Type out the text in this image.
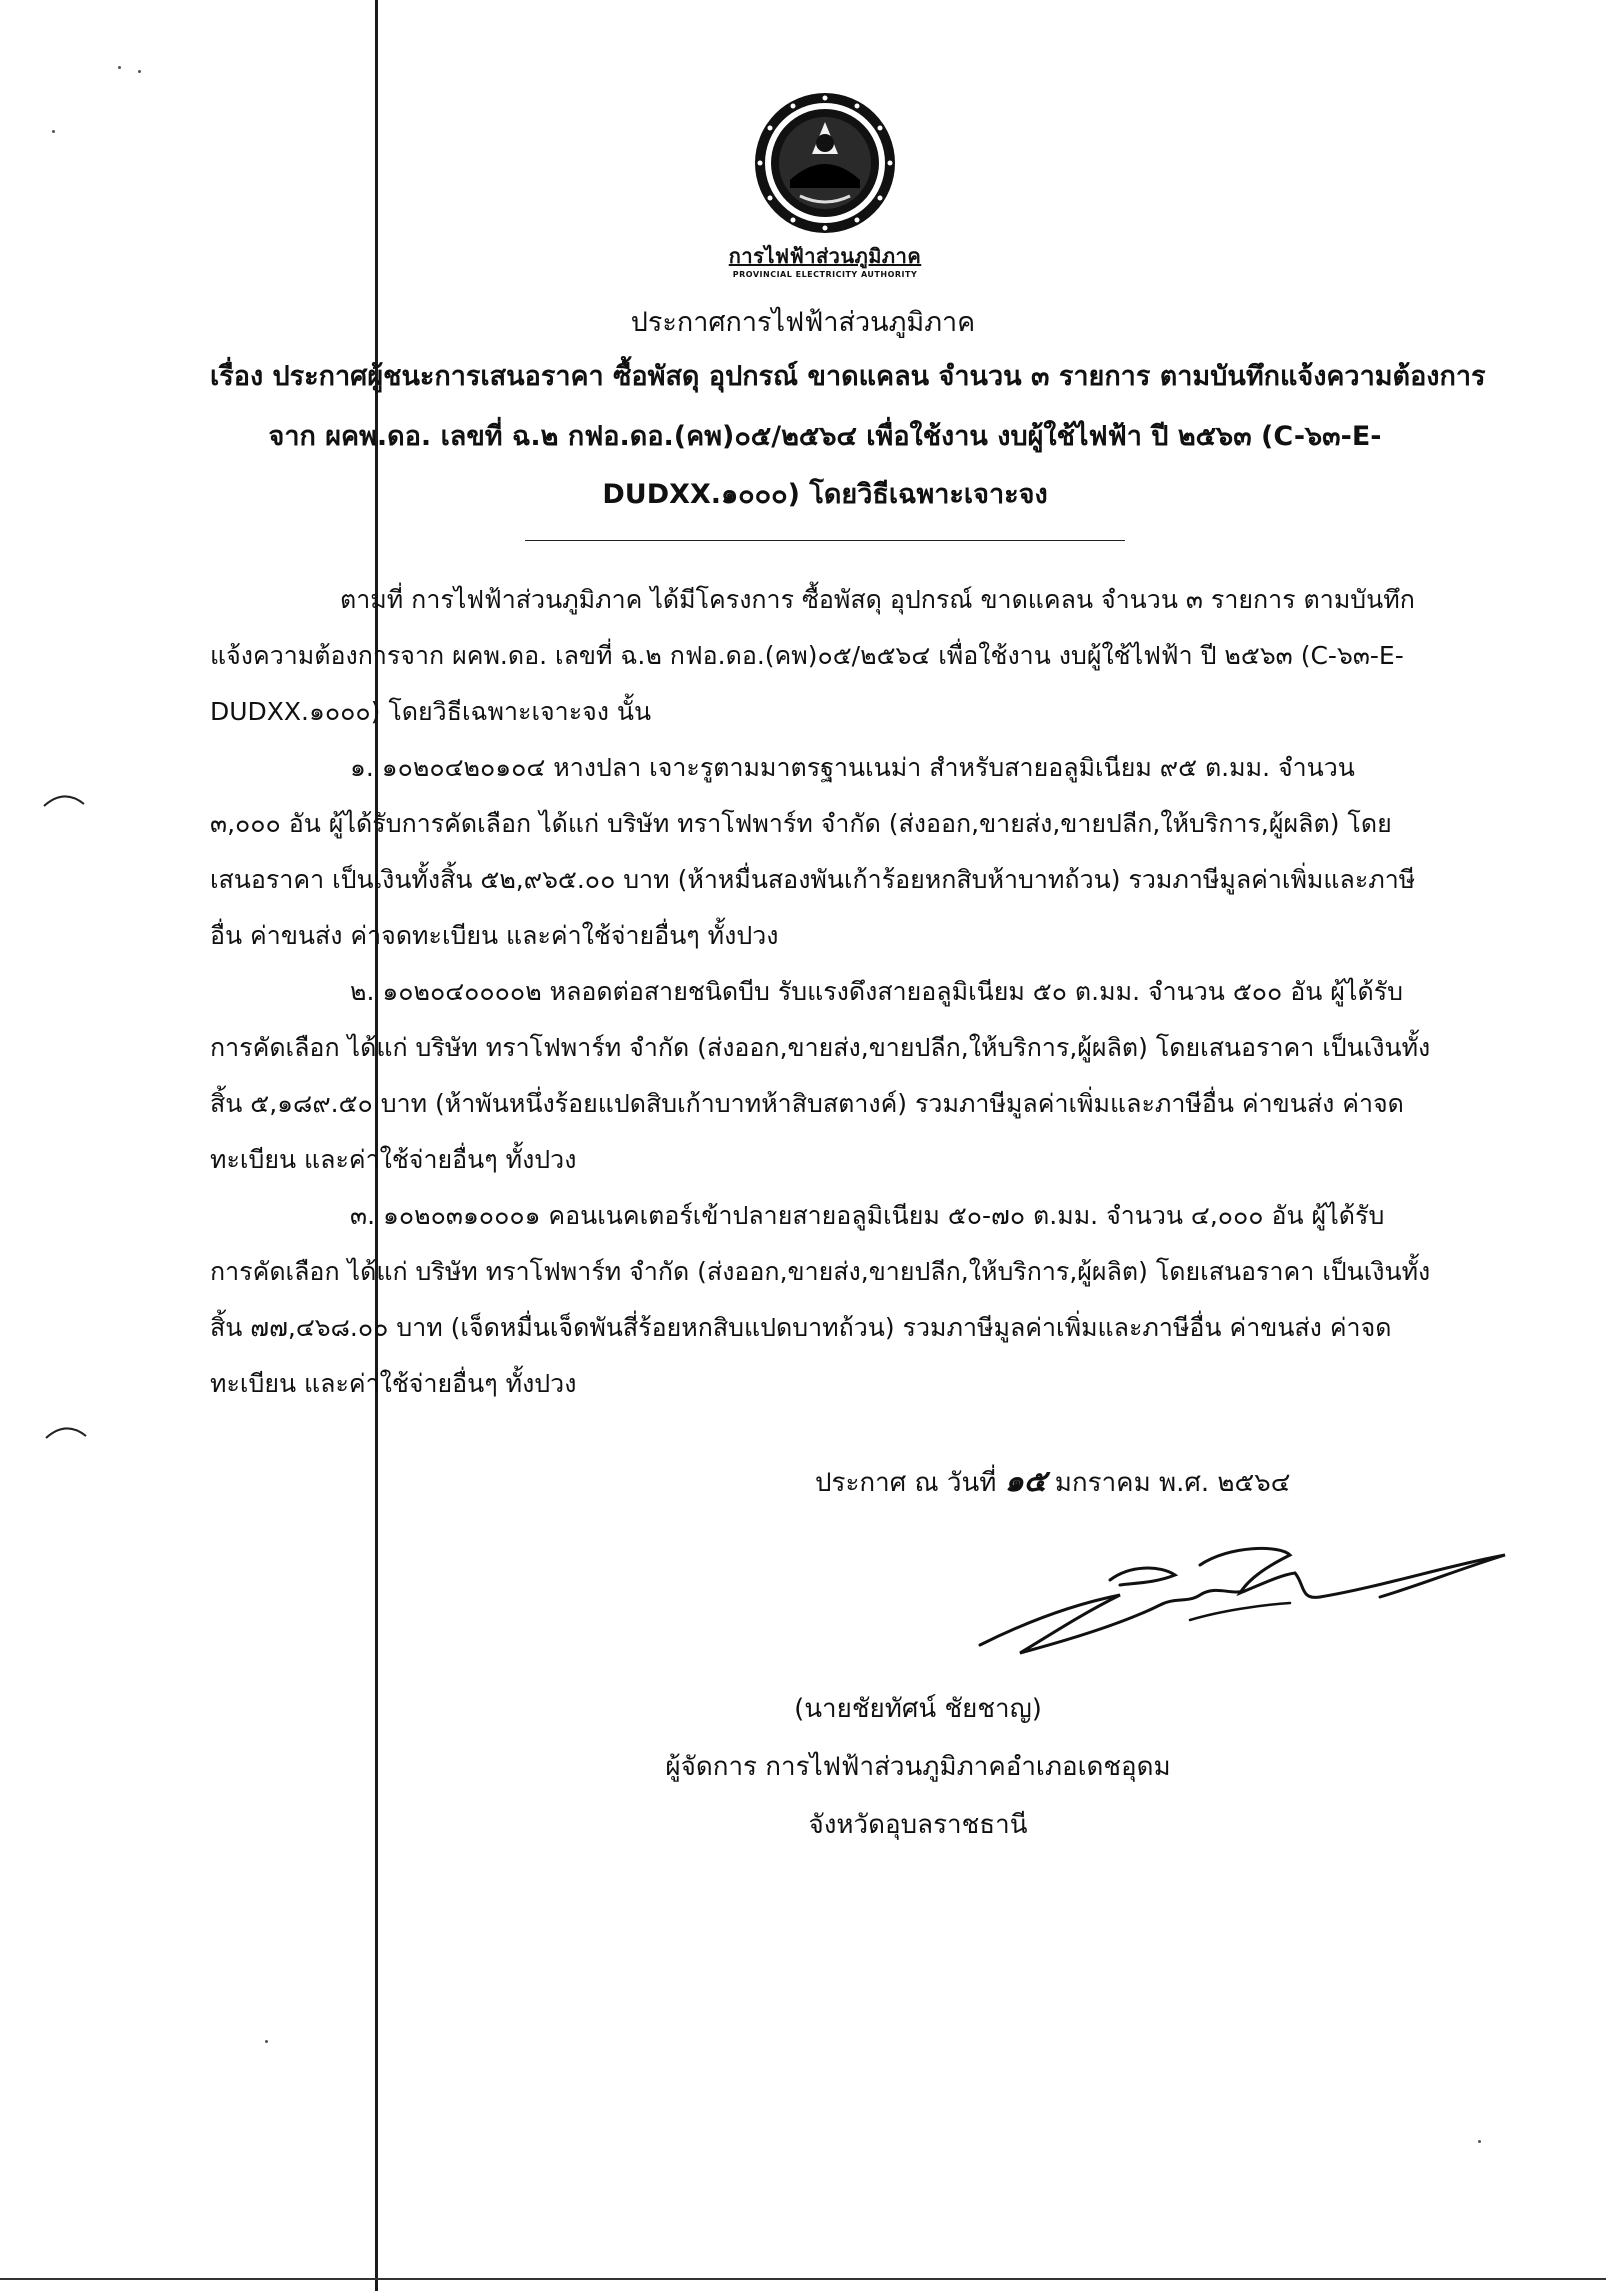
การไฟฟ้าส่วนภูมิภาค
PROVINCIAL ELECTRICITY AUTHORITY
ประกาศการไฟฟ้าส่วนภูมิภาค
เรื่อง ประกาศผู้ชนะการเสนอราคา ซื้อพัสดุ อุปกรณ์ ขาดแคลน จำนวน ๓ รายการ ตามบันทึกแจ้งความต้องการ
จาก ผคพ.ดอ. เลขที่ ฉ.๒ กฟอ.ดอ.(คพ)๐๕/๒๕๖๔ เพื่อใช้งาน งบผู้ใช้ไฟฟ้า ปี ๒๕๖๓ (C-๖๓-E-
DUDXX.๑๐๐๐) โดยวิธีเฉพาะเจาะจง
ตามที่ การไฟฟ้าส่วนภูมิภาค ได้มีโครงการ ซื้อพัสดุ อุปกรณ์ ขาดแคลน จำนวน ๓ รายการ ตามบันทึก
แจ้งความต้องการจาก ผคพ.ดอ. เลขที่ ฉ.๒ กฟอ.ดอ.(คพ)๐๕/๒๕๖๔ เพื่อใช้งาน งบผู้ใช้ไฟฟ้า ปี ๒๕๖๓ (C-๖๓-E-
DUDXX.๑๐๐๐) โดยวิธีเฉพาะเจาะจง นั้น
๑. ๑๐๒๐๔๒๐๑๐๔ หางปลา เจาะรูตามมาตรฐานเนม่า สำหรับสายอลูมิเนียม ๙๕ ต.มม. จำนวน
๓,๐๐๐ อัน ผู้ได้รับการคัดเลือก ได้แก่ บริษัท ทราโฟพาร์ท จำกัด (ส่งออก,ขายส่ง,ขายปลีก,ให้บริการ,ผู้ผลิต) โดย
เสนอราคา เป็นเงินทั้งสิ้น ๕๒,๙๖๕.๐๐ บาท (ห้าหมื่นสองพันเก้าร้อยหกสิบห้าบาทถ้วน) รวมภาษีมูลค่าเพิ่มและภาษี
อื่น ค่าขนส่ง ค่าจดทะเบียน และค่าใช้จ่ายอื่นๆ ทั้งปวง
๒. ๑๐๒๐๔๐๐๐๐๒ หลอดต่อสายชนิดบีบ รับแรงดึงสายอลูมิเนียม ๕๐ ต.มม. จำนวน ๕๐๐ อัน ผู้ได้รับ
การคัดเลือก ได้แก่ บริษัท ทราโฟพาร์ท จำกัด (ส่งออก,ขายส่ง,ขายปลีก,ให้บริการ,ผู้ผลิต) โดยเสนอราคา เป็นเงินทั้ง
สิ้น ๕,๑๘๙.๕๐ บาท (ห้าพันหนึ่งร้อยแปดสิบเก้าบาทห้าสิบสตางค์) รวมภาษีมูลค่าเพิ่มและภาษีอื่น ค่าขนส่ง ค่าจด
ทะเบียน และค่าใช้จ่ายอื่นๆ ทั้งปวง
๓. ๑๐๒๐๓๑๐๐๐๑ คอนเนคเตอร์เข้าปลายสายอลูมิเนียม ๕๐-๗๐ ต.มม. จำนวน ๔,๐๐๐ อัน ผู้ได้รับ
การคัดเลือก ได้แก่ บริษัท ทราโฟพาร์ท จำกัด (ส่งออก,ขายส่ง,ขายปลีก,ให้บริการ,ผู้ผลิต) โดยเสนอราคา เป็นเงินทั้ง
สิ้น ๗๗,๔๖๘.๐๐ บาท (เจ็ดหมื่นเจ็ดพันสี่ร้อยหกสิบแปดบาทถ้วน) รวมภาษีมูลค่าเพิ่มและภาษีอื่น ค่าขนส่ง ค่าจด
ทะเบียน และค่าใช้จ่ายอื่นๆ ทั้งปวง
ประกาศ ณ วันที่ ๑๕ มกราคม พ.ศ. ๒๕๖๔
(นายชัยทัศน์ ชัยชาญ)
ผู้จัดการ การไฟฟ้าส่วนภูมิภาคอำเภอเดชอุดม
จังหวัดอุบลราชธานี
